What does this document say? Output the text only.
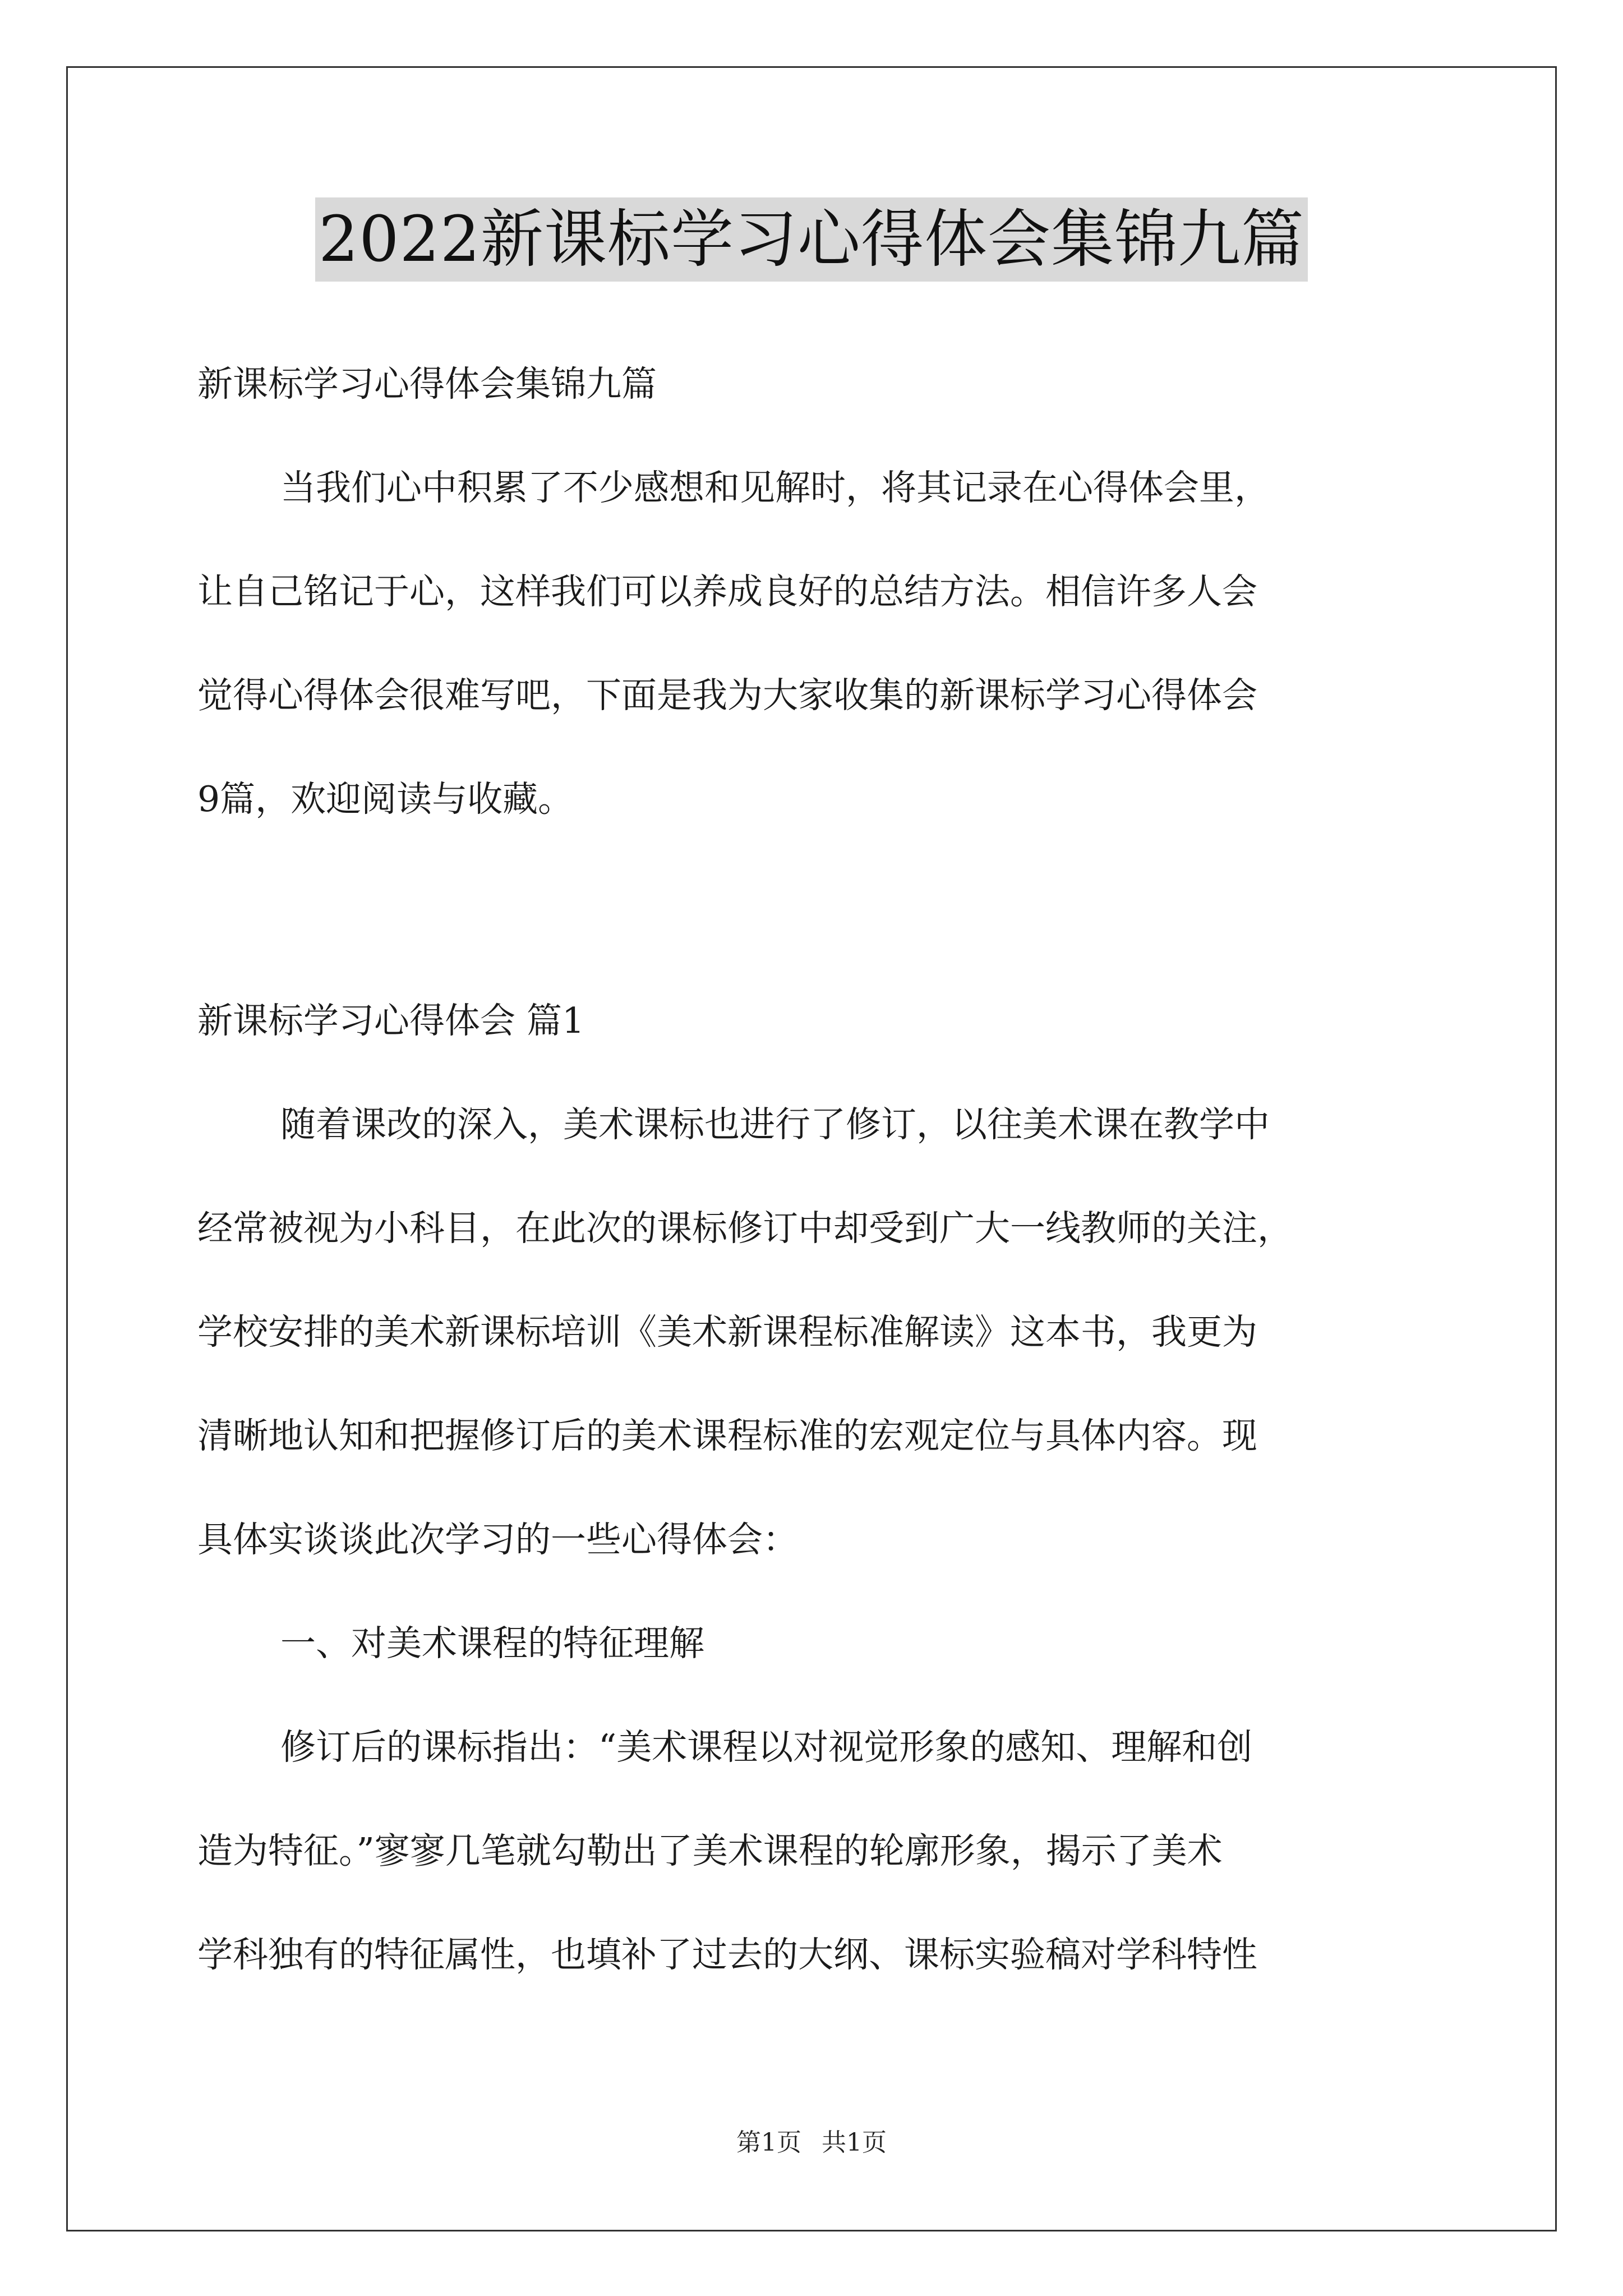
2022新课标学习心得体会集锦九篇
新课标学习心得体会集锦九篇
当我们心中积累了不少感想和见解时，将其记录在心得体会里，
让自己铭记于心，这样我们可以养成良好的总结方法。相信许多人会
觉得心得体会很难写吧，下面是我为大家收集的新课标学习心得体会
9篇，欢迎阅读与收藏。
新课标学习心得体会 篇1
随着课改的深入，美术课标也进行了修订，以往美术课在教学中
经常被视为小科目，在此次的课标修订中却受到广大一线教师的关注，
学校安排的美术新课标培训《美术新课程标准解读》这本书，我更为
清晰地认知和把握修订后的美术课程标准的宏观定位与具体内容。现
具体实谈谈此次学习的一些心得体会：
一、对美术课程的特征理解
修订后的课标指出：“美术课程以对视觉形象的感知、理解和创
造为特征。”寥寥几笔就勾勒出了美术课程的轮廓形象，揭示了美术
学科独有的特征属性，也填补了过去的大纲、课标实验稿对学科特性
第1页 共1页
